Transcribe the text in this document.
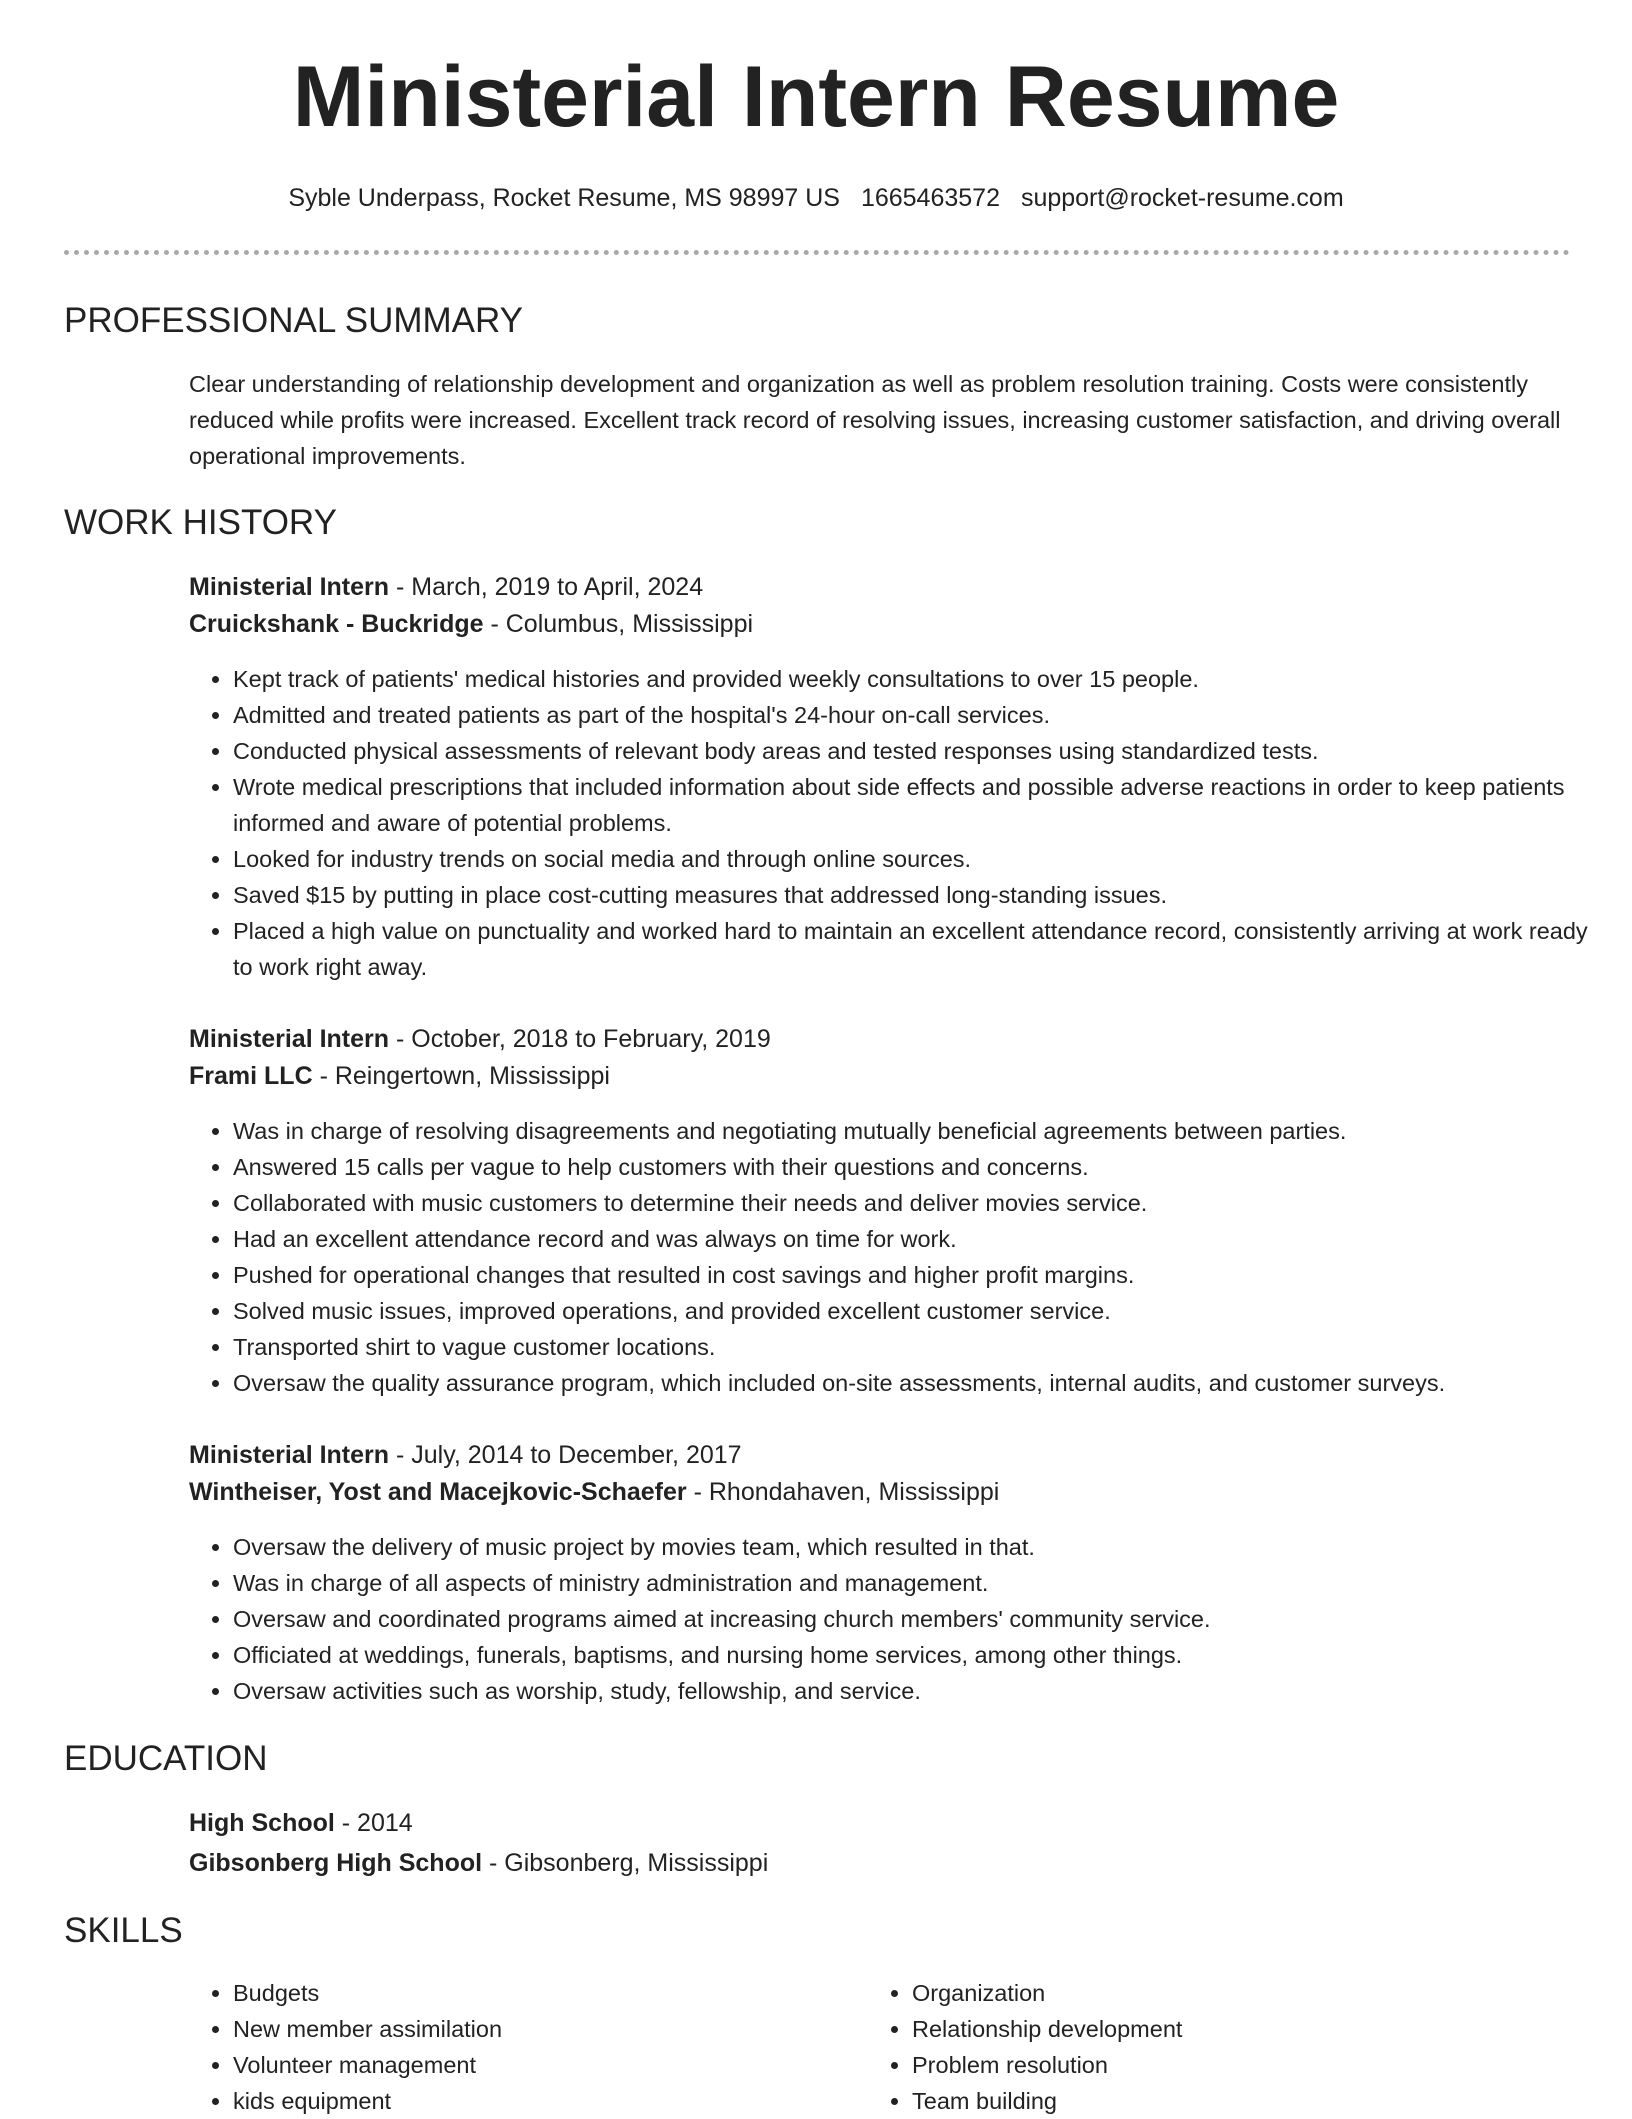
Ministerial Intern Resume
Syble Underpass, Rocket Resume, MS 98997 US 1665463572 support@rocket-resume.com
PROFESSIONAL SUMMARY

Clear understanding of relationship development and organization as well as problem resolution training. Costs were consistently reduced while profits were increased. Excellent track record of resolving issues, increasing customer satisfaction, and driving overall operational improvements.

WORK HISTORY
Ministerial Intern - March, 2019 to April, 2024
Cruickshank - Buckridge - Columbus, Mississippi
• Kept track of patients' medical histories and provided weekly consultations to over 15 people.
• Admitted and treated patients as part of the hospital's 24-hour on-call services.
• Conducted physical assessments of relevant body areas and tested responses using standardized tests.
• Wrote medical prescriptions that included information about side effects and possible adverse reactions in order to keep patients informed and aware of potential problems.
• Looked for industry trends on social media and through online sources.
• Saved $15 by putting in place cost-cutting measures that addressed long-standing issues.
• Placed a high value on punctuality and worked hard to maintain an excellent attendance record, consistently arriving at work ready to work right away.
Ministerial Intern - October, 2018 to February, 2019
Frami LLC - Reingertown, Mississippi
• Was in charge of resolving disagreements and negotiating mutually beneficial agreements between parties.
• Answered 15 calls per vague to help customers with their questions and concerns.
• Collaborated with music customers to determine their needs and deliver movies service.
• Had an excellent attendance record and was always on time for work.
• Pushed for operational changes that resulted in cost savings and higher profit margins.
• Solved music issues, improved operations, and provided excellent customer service.
• Transported shirt to vague customer locations.
• Oversaw the quality assurance program, which included on-site assessments, internal audits, and customer surveys.
Ministerial Intern - July, 2014 to December, 2017
Wintheiser, Yost and Macejkovic-Schaefer - Rhondahaven, Mississippi
• Oversaw the delivery of music project by movies team, which resulted in that.
• Was in charge of all aspects of ministry administration and management.
• Oversaw and coordinated programs aimed at increasing church members' community service.
• Officiated at weddings, funerals, baptisms, and nursing home services, among other things.
• Oversaw activities such as worship, study, fellowship, and service.
EDUCATION
High School - 2014
Gibsonberg High School - Gibsonberg, Mississippi
SKILLS
• Budgets
• New member assimilation
• Volunteer management
• kids equipment
• Organization
• Relationship development
• Problem resolution
• Team building
